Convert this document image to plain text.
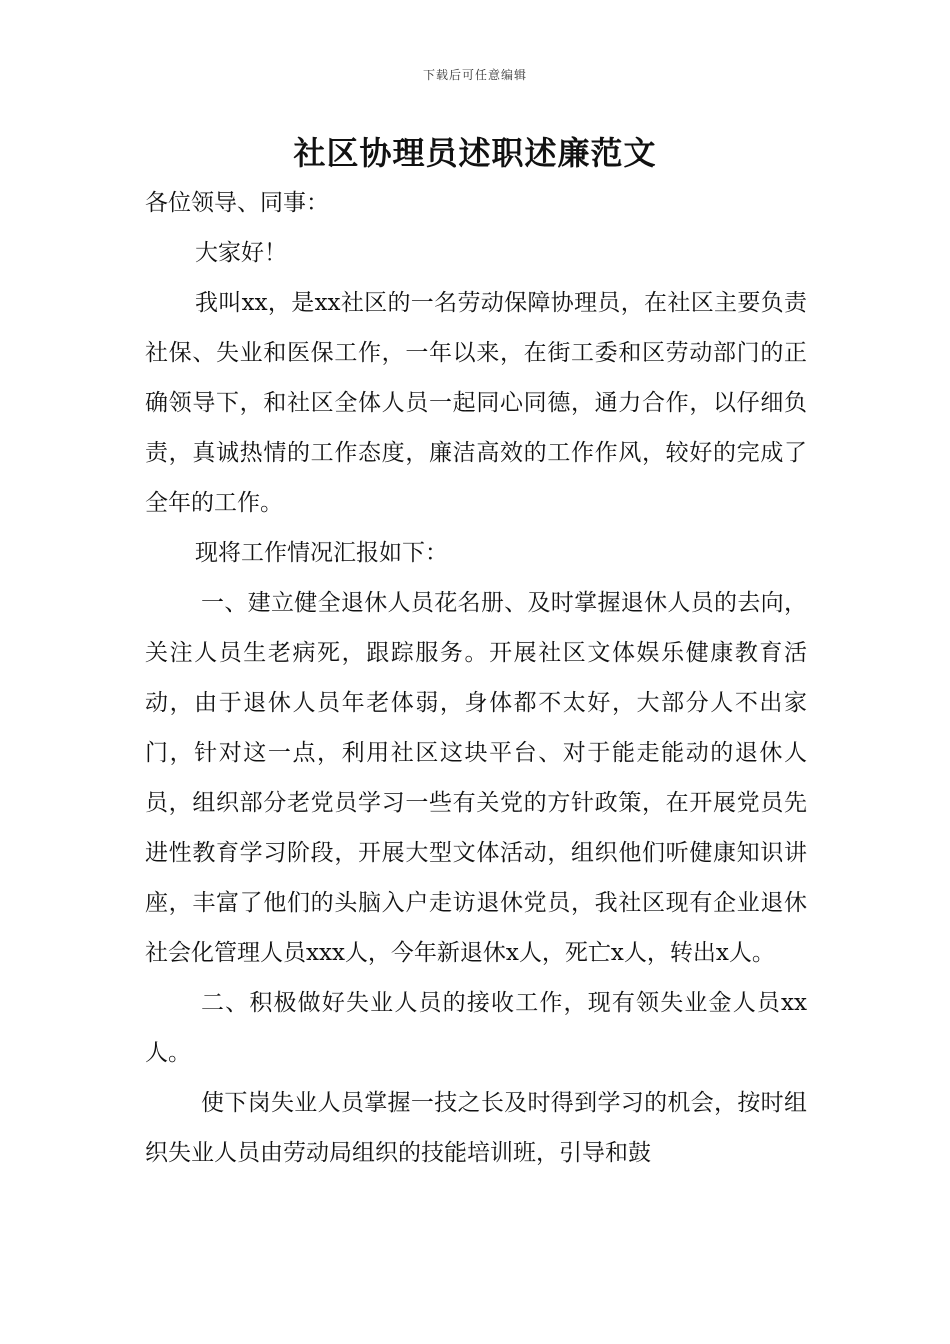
下载后可任意编辑
社区协理员述职述廉范文

各位领导、同事：

大家好！

我叫xx，是xx社区的一名劳动保障协理员，在社区主要负责社保、失业和医保工作，一年以来，在街工委和区劳动部门的正确领导下，和社区全体人员一起同心同德，通力合作，以仔细负责，真诚热情的工作态度，廉洁高效的工作作风，较好的完成了全年的工作。

现将工作情况汇报如下：

一、建立健全退休人员花名册、及时掌握退休人员的去向，关注人员生老病死，跟踪服务。开展社区文体娱乐健康教育活动，由于退休人员年老体弱，身体都不太好，大部分人不出家门，针对这一点，利用社区这块平台、对于能走能动的退休人员，组织部分老党员学习一些有关党的方针政策，在开展党员先进性教育学习阶段，开展大型文体活动，组织他们听健康知识讲座，丰富了他们的头脑入户走访退休党员，我社区现有企业退休社会化管理人员xxx人，今年新退休x人，死亡x人，转出x人。

二、积极做好失业人员的接收工作，现有领失业金人员xx人。

使下岗失业人员掌握一技之长及时得到学习的机会，按时组织失业人员由劳动局组织的技能培训班，引导和鼓
